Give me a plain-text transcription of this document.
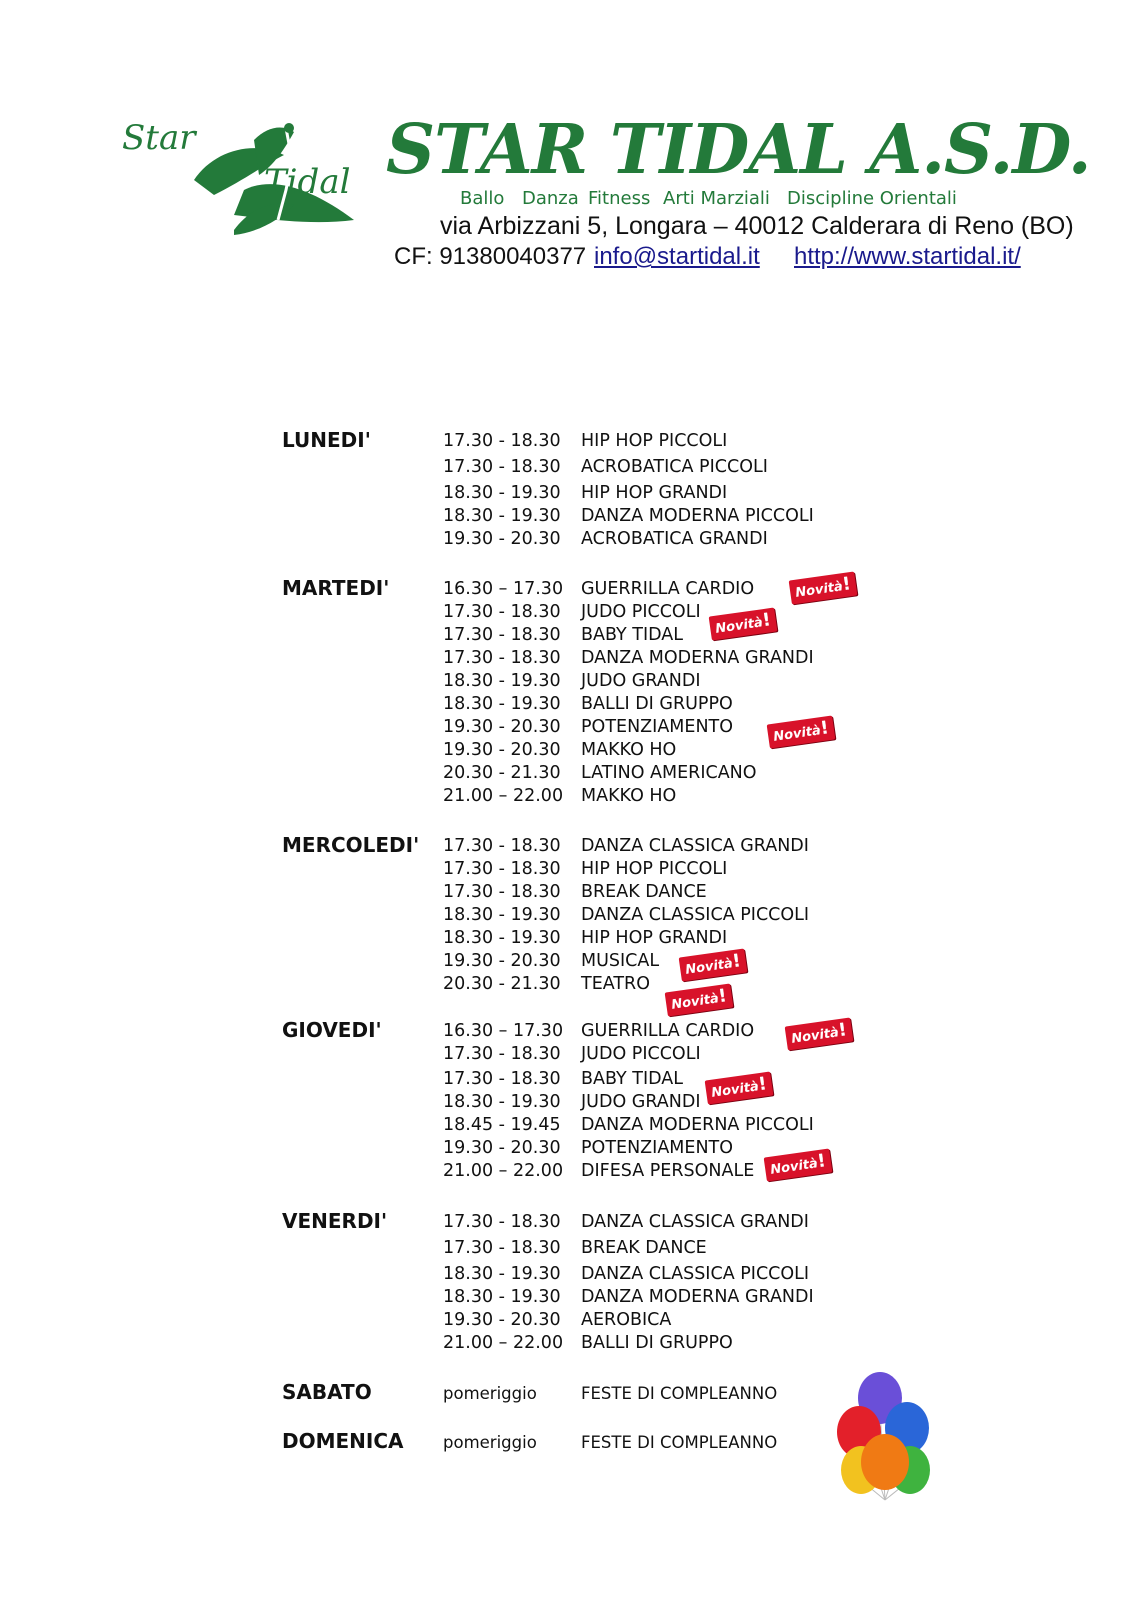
Star
Tidal STAR TIDAL A.S.D.
Ballo Danza Fitness Arti Marziali Discipline Orientali
via Arbizzani 5, Longara – 40012 Calderara di Reno (BO)
CF: 91380040377 info@startidal.it http://www.startidal.it/
LUNEDI'	17.30 - 18.30 HIP HOP PICCOLI
17.30 - 18.30 ACROBATICA PICCOLI
18.30 - 19.30 HIP HOP GRANDI
18.30 - 19.30 DANZA MODERNA PICCOLI
19.30 - 20.30 ACROBATICA GRANDI
MARTEDI'	16.30 – 17.30 GUERRILLA CARDIO
17.30 - 18.30 JUDO PICCOLI
17.30 - 18.30 BABY TIDAL
17.30 - 18.30 DANZA MODERNA GRANDI
18.30 - 19.30 JUDO GRANDI
18.30 - 19.30 BALLI DI GRUPPO
19.30 - 20.30 POTENZIAMENTO
19.30 - 20.30 MAKKO HO
20.30 - 21.30 LATINO AMERICANO
21.00 – 22.00 MAKKO HO
MERCOLEDI' 17.30 - 18.30 DANZA CLASSICA GRANDI
17.30 - 18.30 HIP HOP PICCOLI
17.30 - 18.30 BREAK DANCE
18.30 - 19.30 DANZA CLASSICA PICCOLI
18.30 - 19.30 HIP HOP GRANDI
19.30 - 20.30 MUSICAL
20.30 - 21.30 TEATRO
GIOVEDI'	16.30 – 17.30 GUERRILLA CARDIO
17.30 - 18.30 JUDO PICCOLI
17.30 - 18.30 BABY TIDAL
18.30 - 19.30 JUDO GRANDI
18.45 - 19.45 DANZA MODERNA PICCOLI
19.30 - 20.30 POTENZIAMENTO
21.00 – 22.00 DIFESA PERSONALE
VENERDI'	17.30 - 18.30 DANZA CLASSICA GRANDI
17.30 - 18.30 BREAK DANCE
18.30 - 19.30 DANZA CLASSICA PICCOLI
18.30 - 19.30 DANZA MODERNA GRANDI
19.30 - 20.30 AEROBICA
21.00 – 22.00 BALLI DI GRUPPO
SABATO	pomeriggio	FESTE DI COMPLEANNO
DOMENICA pomeriggio	FESTE DI COMPLEANNO
Novità!
Novità!
Novità!
Novità!
Novità!
Novità!
Novità!
Novità!
